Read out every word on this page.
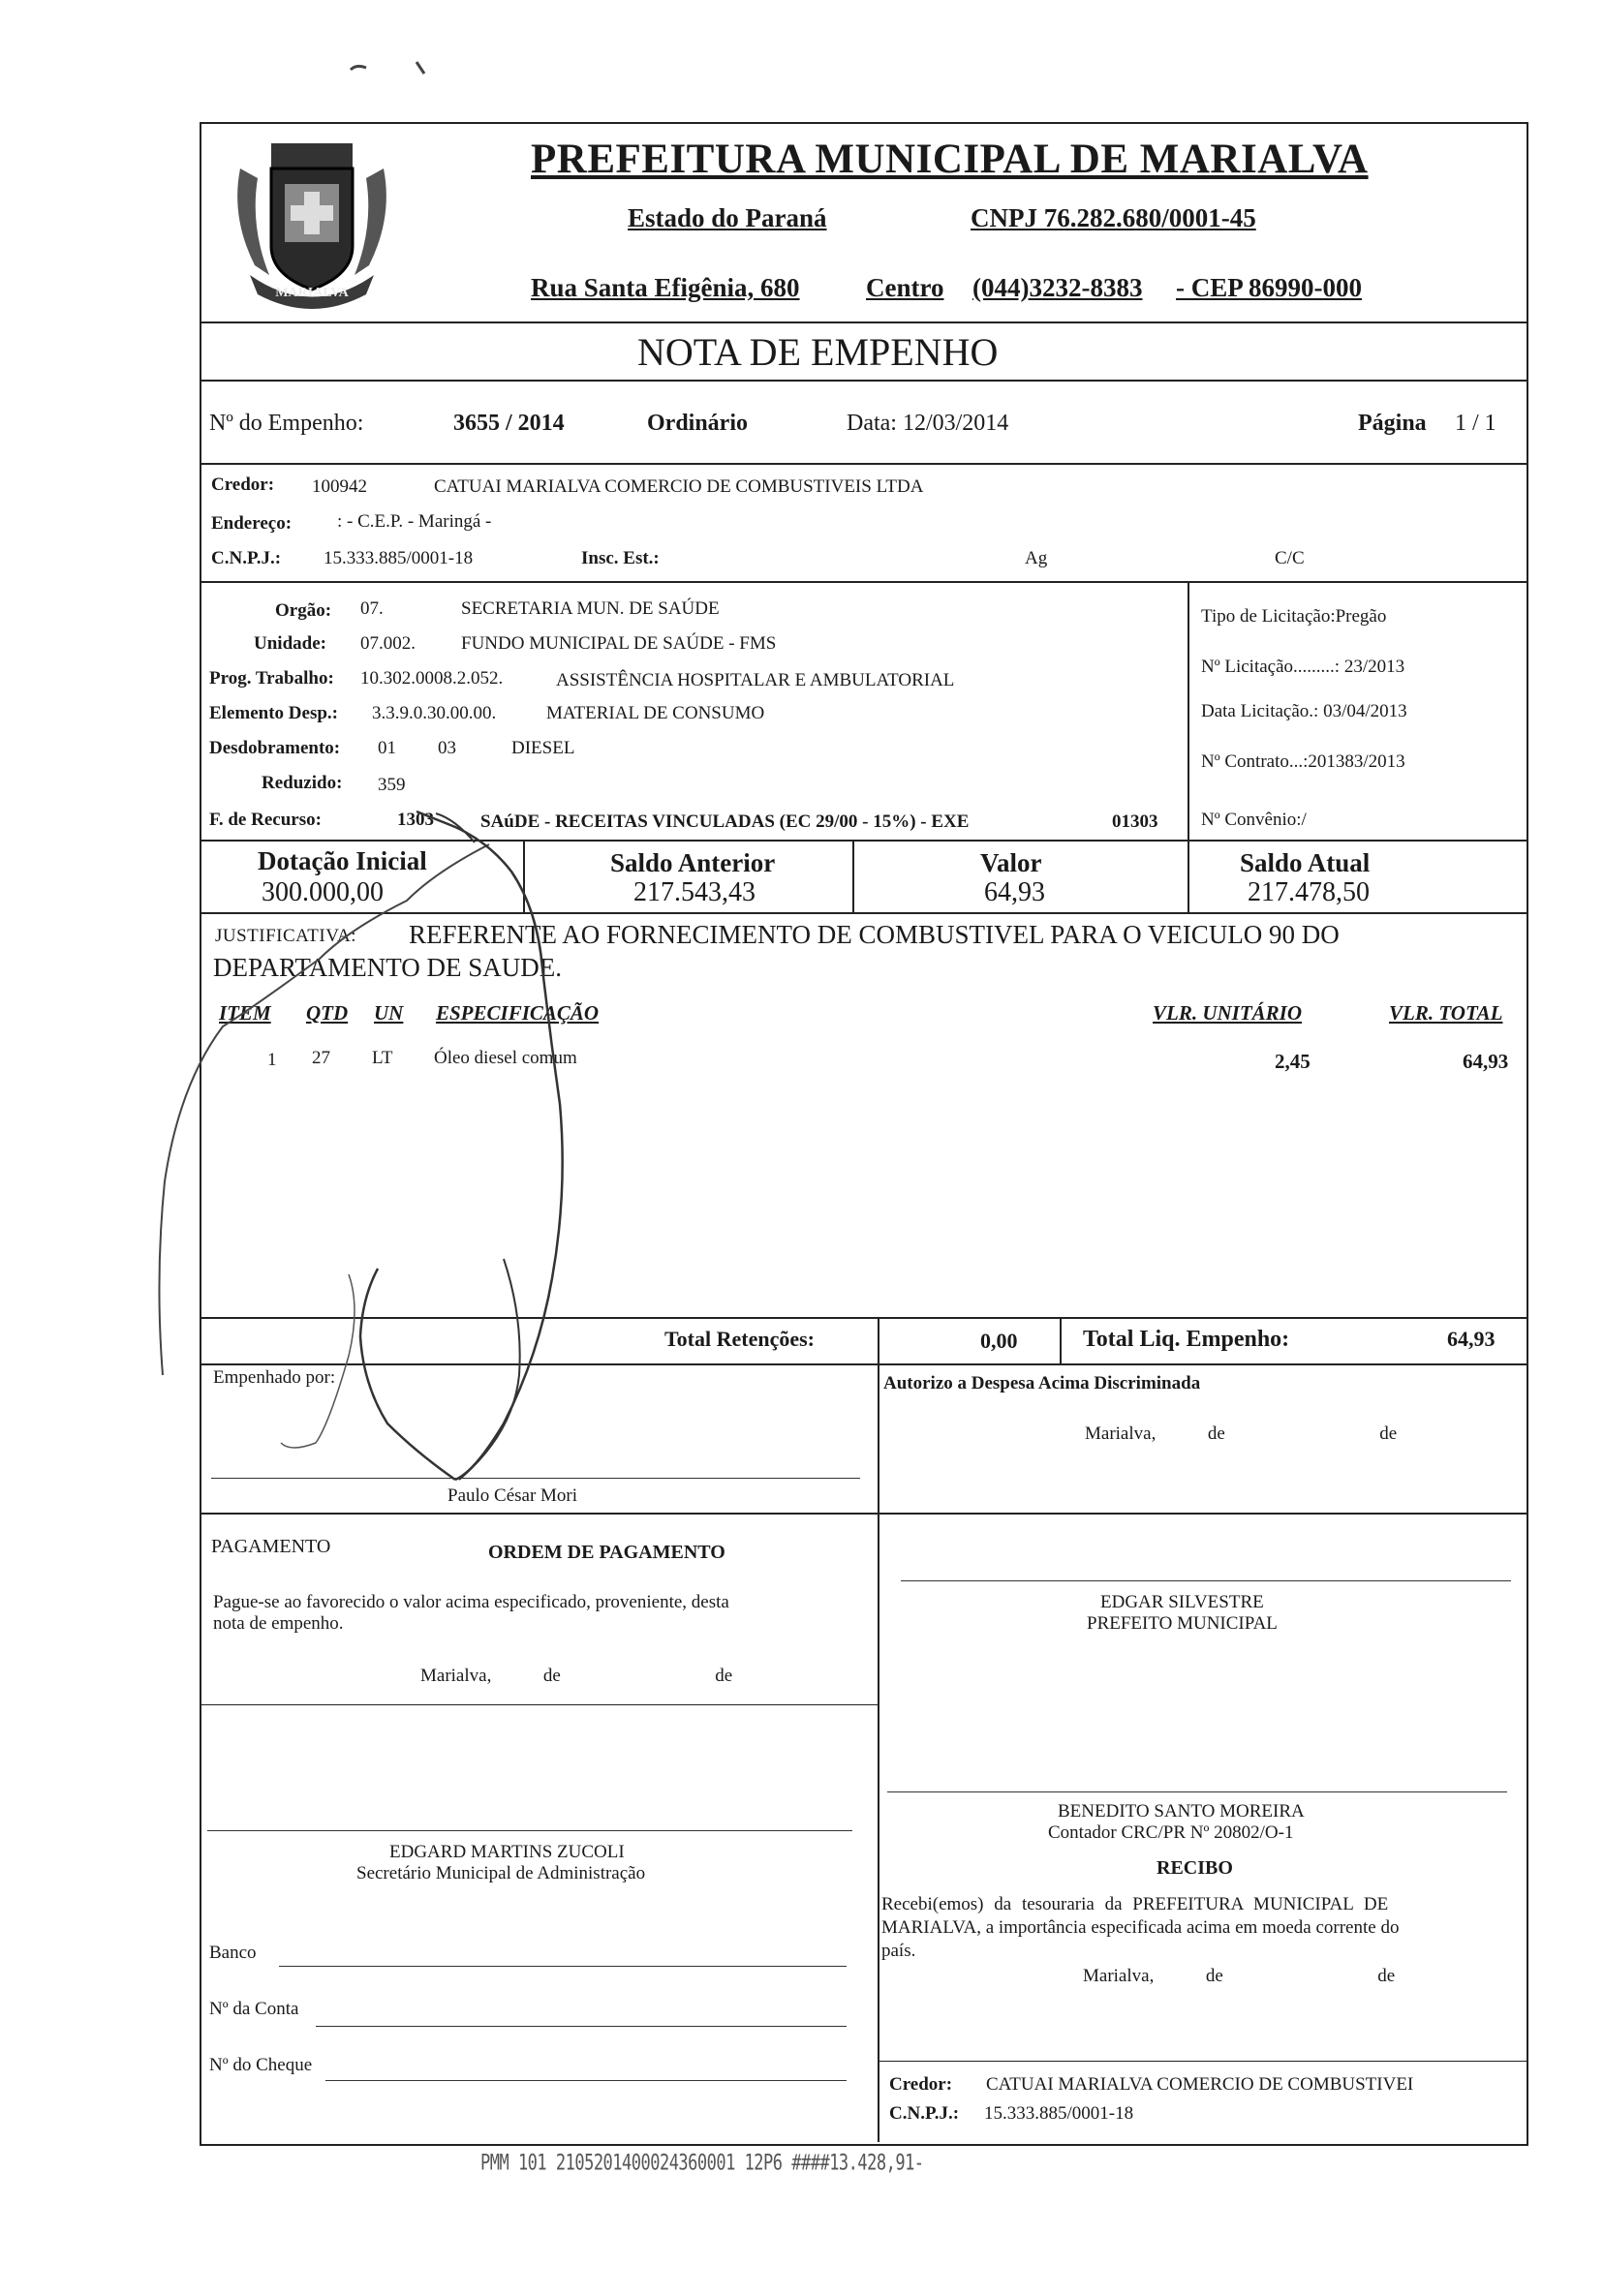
MARIALVA
PREFEITURA MUNICIPAL DE MARIALVA
Estado do Paraná	CNPJ 76.282.680/0001-45
Rua Santa Efigênia, 680	Centro (044)3232-8383 - CEP 86990-000
NOTA DE EMPENHO
Nº do Empenho:	3655 / 2014	Ordinário	Data: 12/03/2014	Página 1 / 1
Credor: 100942	CATUAI MARIALVA COMERCIO DE COMBUSTIVEIS LTDA
Endereço: : - C.E.P. - Maringá -
C.N.P.J.: 15.333.885/0001-18	Insc. Est.:	Ag	C/C
Orgão: 07.	SECRETARIA MUN. DE SAÚDE
Unidade: 07.002. FUNDO MUNICIPAL DE SAÚDE - FMS
Prog. Trabalho: 10.302.0008.2.052.	ASSISTÊNCIA HOSPITALAR E AMBULATORIAL
Elemento Desp.: 3.3.9.0.30.00.00.	MATERIAL DE CONSUMO
Desdobramento: 01 03	DIESEL
Reduzido: 359
F. de Recurso:	1303	SAúDE - RECEITAS VINCULADAS (EC 29/00 - 15%) - EXE	01303
Tipo de Licitação:Pregão
Nº Licitação.........: 23/2013
Data Licitação.: 03/04/2013
Nº Contrato...:201383/2013
Nº Convênio:/
Dotação Inicial
300.000,00
Saldo Anterior
217.543,43
Valor
64,93
Saldo Atual
217.478,50
JUSTIFICATIVA: REFERENTE AO FORNECIMENTO DE COMBUSTIVEL PARA O VEICULO 90 DO
DEPARTAMENTO DE SAUDE.
ITEM QTD UN ESPECIFICAÇÃO	VLR. UNITÁRIO	VLR. TOTAL
1 27 LT Óleo diesel comum	2,45	64,93
Total Retenções:	0,00	Total Liq. Empenho:	64,93
Empenhado por:	Autorizo a Despesa Acima Discriminada
Marialva,	de	de
Paulo César Mori
PAGAMENTO	ORDEM DE PAGAMENTO
Pague-se ao favorecido o valor acima especificado, proveniente, desta
nota de empenho.
Marialva,	de	de
EDGAR SILVESTRE
PREFEITO MUNICIPAL
BENEDITO SANTO MOREIRA
Contador CRC/PR Nº 20802/O-1
EDGARD MARTINS ZUCOLI
Secretário Municipal de Administração	RECIBO
Recebi(emos) da tesouraria da PREFEITURA MUNICIPAL DE
MARIALVA, a importância especificada acima em moeda corrente do
país.
Marialva,	de	de
Banco
Nº da Conta
Nº do Cheque
Credor: CATUAI MARIALVA COMERCIO DE COMBUSTIVEI
C.N.P.J.: 15.333.885/0001-18
PMM 101 2105201400024360001 12P6 ####13.428,91-
